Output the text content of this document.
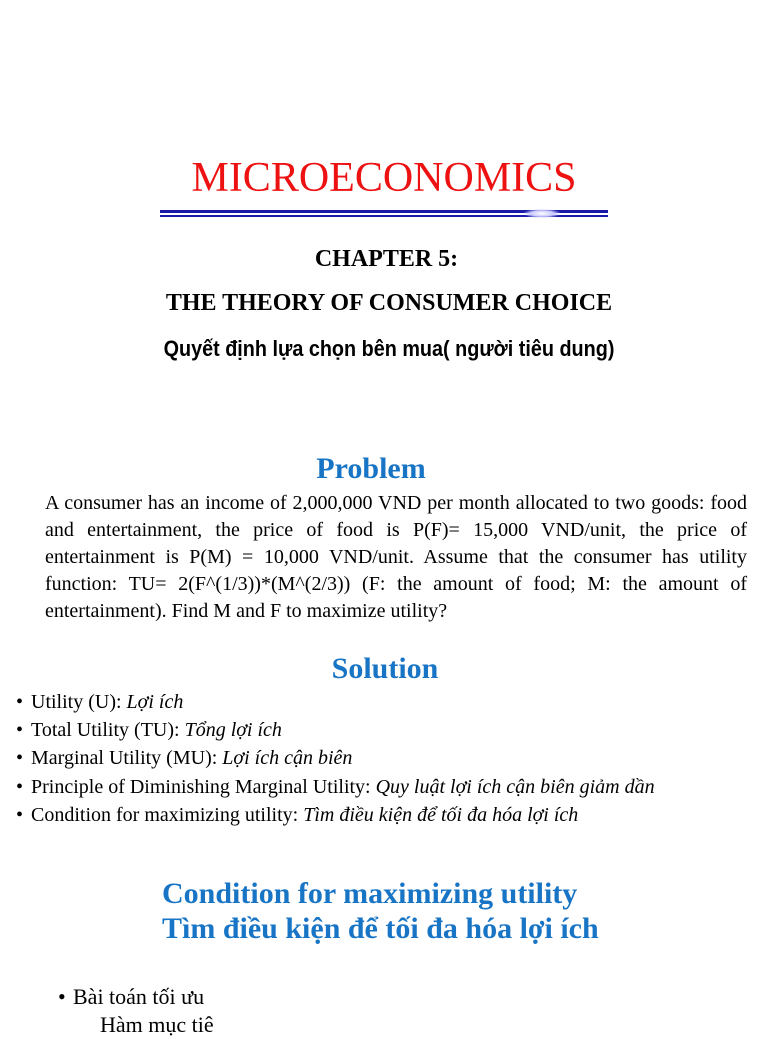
MICROECONOMICS
CHAPTER 5:
THE THEORY OF CONSUMER CHOICE
Quyết định lựa chọn bên mua( người tiêu dung)
Problem

A consumer has an income of 2,000,000 VND per month allocated to two goods: food and entertainment, the price of food is P(F)= 15,000 VND/unit, the price of entertainment is P(M) = 10,000 VND/unit. Assume that the consumer has utility function: TU= 2(F^(1/3))*(M^(2/3)) (F: the amount of food; M: the amount of entertainment). Find M and F to maximize utility?

Solution
• Utility (U): Lợi ích
• Total Utility (TU): Tổng lợi ích
• Marginal Utility (MU): Lợi ích cận biên
• Principle of Diminishing Marginal Utility: Quy luật lợi ích cận biên giảm dần
• Condition for maximizing utility: Tìm điều kiện để tối đa hóa lợi ích
Condition for maximizing utility
Tìm điều kiện để tối đa hóa lợi ích
• Bài toán tối ưu
Hàm mục tiê
